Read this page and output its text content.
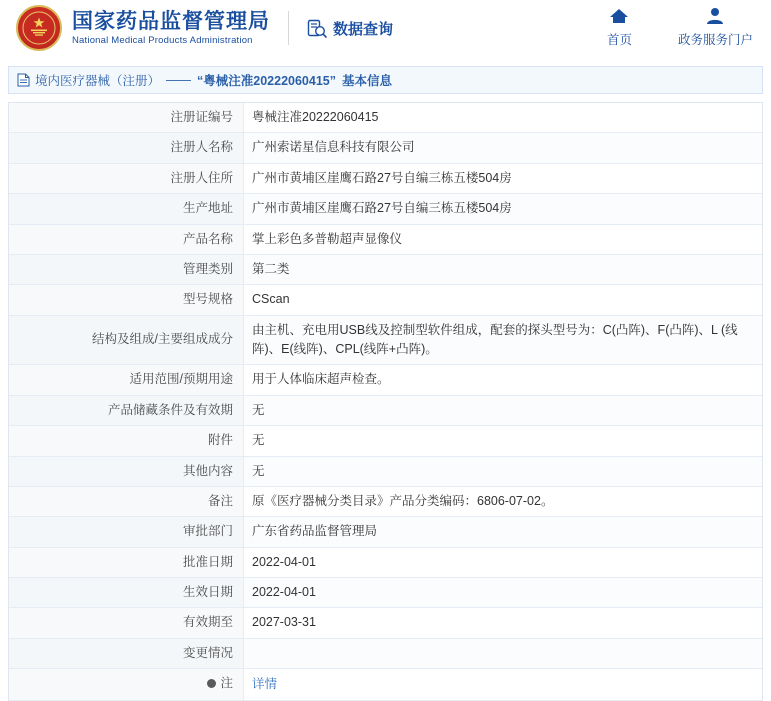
国家药品监督管理局
National Medical Products Administration
数据查询
首页	政务服务门户
境内医疗器械（注册） —— “粤械注准20222060415” 基本信息
注册证编号	粤械注准20222060415
注册人名称	广州索诺星信息科技有限公司
注册人住所	广州市黄埔区崖鹰石路27号自编三栋五楼504房
生产地址	广州市黄埔区崖鹰石路27号自编三栋五楼504房
产品名称	掌上彩色多普勒超声显像仪
管理类别	第二类
型号规格	CScan
结构及组成/主要组成成分	由主机、充电用USB线及控制型软件组成，配套的探头型号为：C(凸阵)、F(凸阵)、L (线阵)、E(线阵)、CPL(线阵+凸阵)。
适用范围/预期用途	用于人体临床超声检查。
产品储藏条件及有效期	无
附件	无
其他内容	无
备注	原《医疗器械分类目录》产品分类编码：6806-07-02。
审批部门	广东省药品监督管理局
批准日期	2022-04-01
生效日期	2022-04-01
有效期至	2027-03-31
变更情况	

注	详情
